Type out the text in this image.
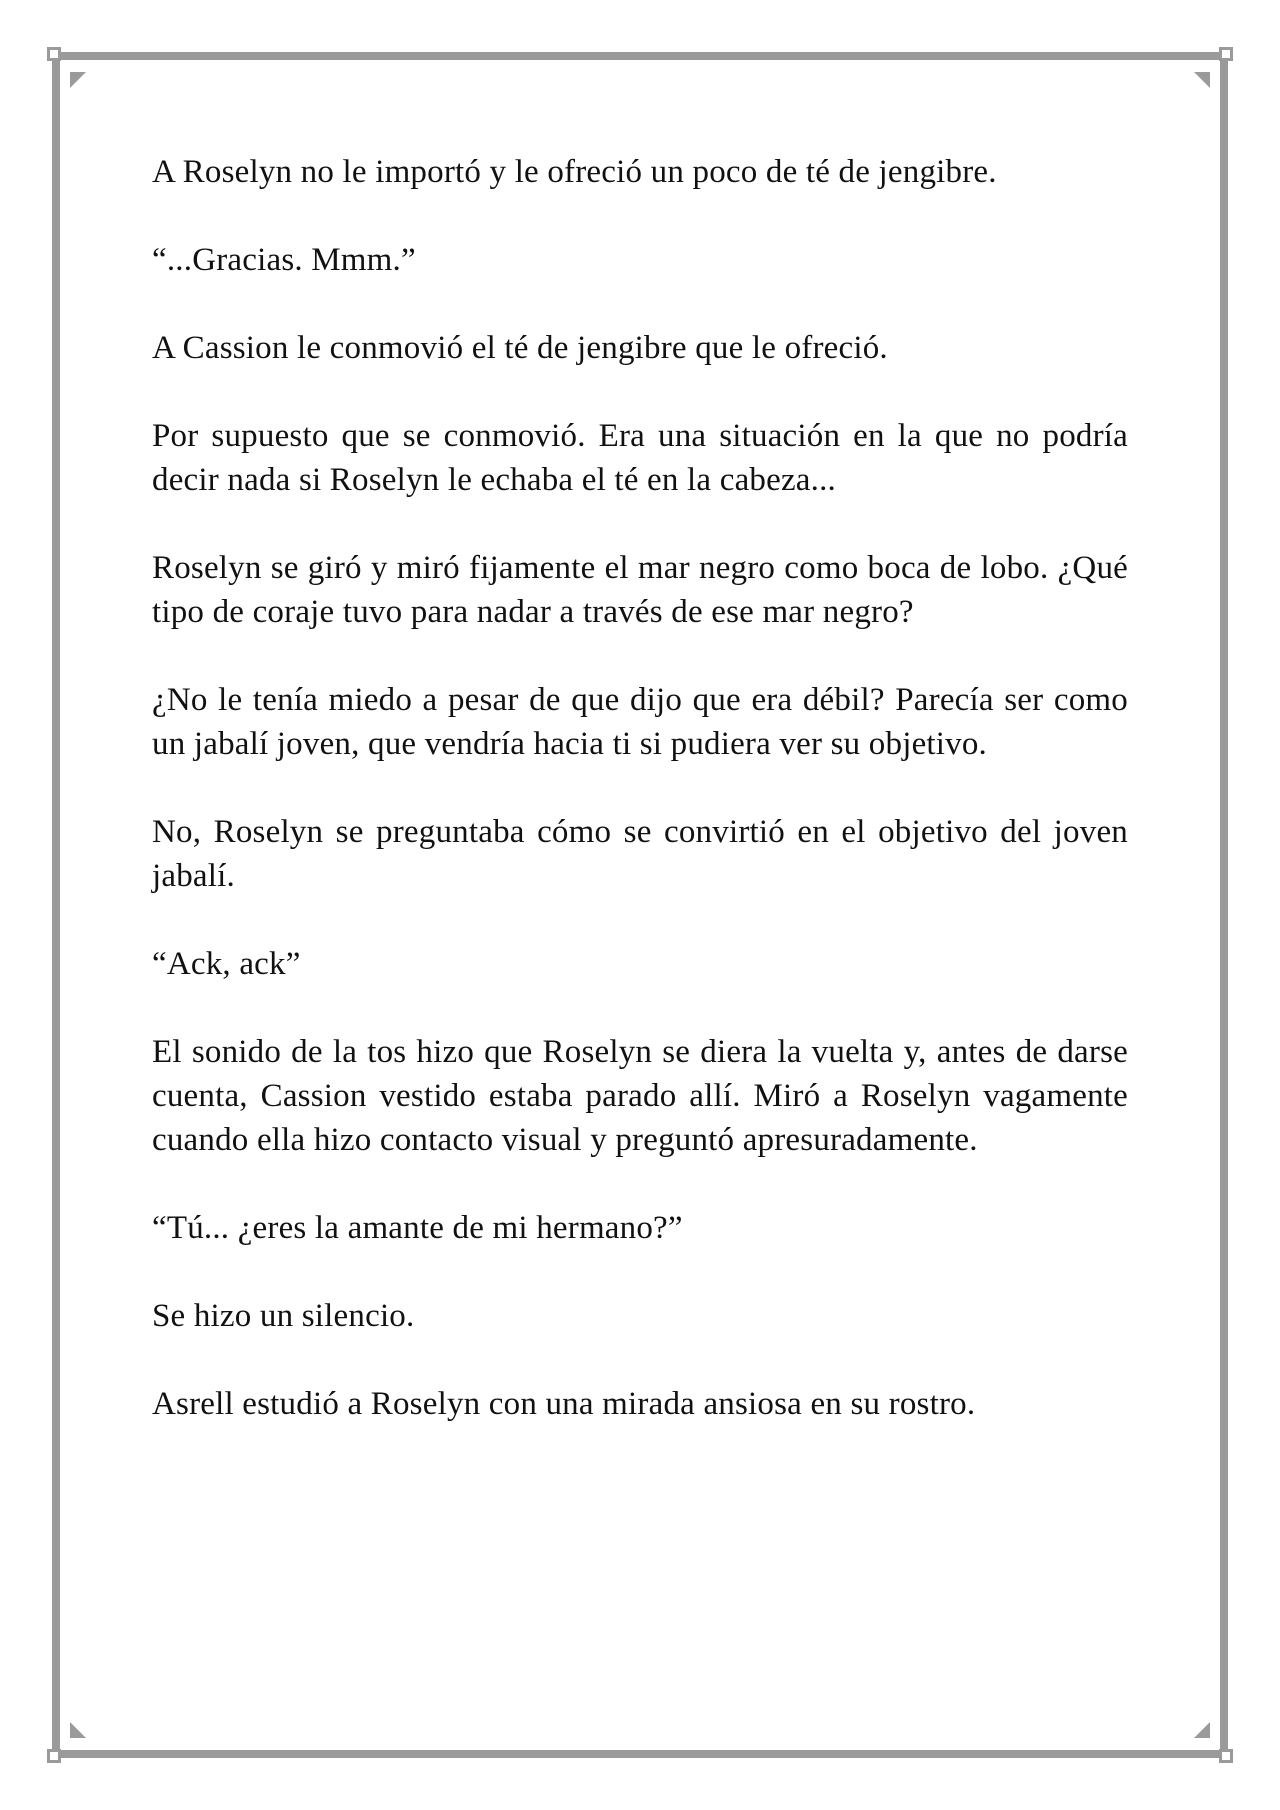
A Roselyn no le importó y le ofreció un poco de té de jengibre.

“...Gracias. Mmm.”

A Cassion le conmovió el té de jengibre que le ofreció.

Por supuesto que se conmovió. Era una situación en la que no podría decir nada si Roselyn le echaba el té en la cabeza...

Roselyn se giró y miró fijamente el mar negro como boca de lobo. ¿Qué tipo de coraje tuvo para nadar a través de ese mar negro?

¿No le tenía miedo a pesar de que dijo que era débil? Parecía ser como un jabalí joven, que vendría hacia ti si pudiera ver su objetivo.

No, Roselyn se preguntaba cómo se convirtió en el objetivo del joven jabalí.

“Ack, ack”

El sonido de la tos hizo que Roselyn se diera la vuelta y, antes de darse cuenta, Cassion vestido estaba parado allí. Miró a Roselyn vagamente cuando ella hizo contacto visual y preguntó apresuradamente.

“Tú... ¿eres la amante de mi hermano?”

Se hizo un silencio.

Asrell estudió a Roselyn con una mirada ansiosa en su rostro.
